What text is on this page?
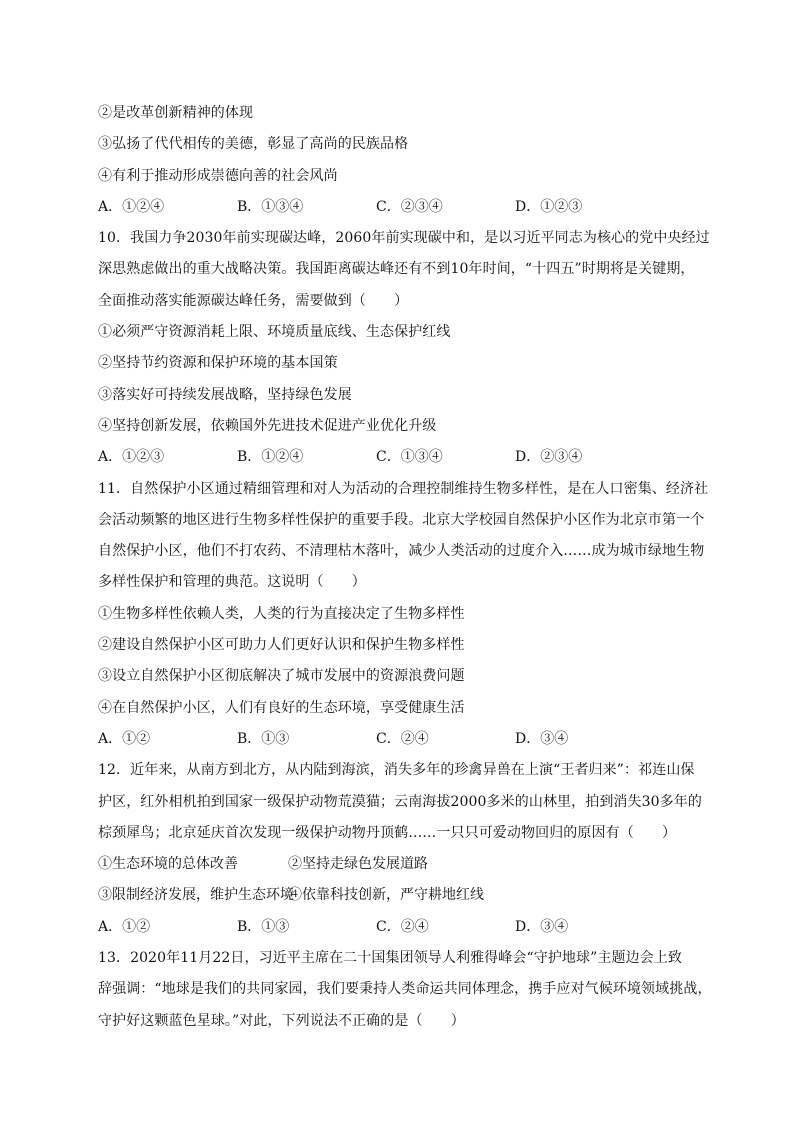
②是改革创新精神的体现
③弘扬了代代相传的美德，彰显了高尚的民族品格
④有利于推动形成崇德向善的社会风尚
A．①②④	B．①③④	C．②③④	D．①②③
10．我国力争2030年前实现碳达峰，2060年前实现碳中和，是以习近平同志为核心的党中央经过
深思熟虑做出的重大战略决策。我国距离碳达峰还有不到10年时间，“十四五”时期将是关键期，
全面推动落实能源碳达峰任务，需要做到（　　）
①必须严守资源消耗上限、环境质量底线、生态保护红线
②坚持节约资源和保护环境的基本国策
③落实好可持续发展战略，坚持绿色发展
④坚持创新发展，依赖国外先进技术促进产业优化升级
A．①②③	B．①②④	C．①③④	D．②③④
11．自然保护小区通过精细管理和对人为活动的合理控制维持生物多样性，是在人口密集、经济社
会活动频繁的地区进行生物多样性保护的重要手段。北京大学校园自然保护小区作为北京市第一个
自然保护小区，他们不打农药、不清理枯木落叶，减少人类活动的过度介入……成为城市绿地生物
多样性保护和管理的典范。这说明（　　）
①生物多样性依赖人类，人类的行为直接决定了生物多样性
②建设自然保护小区可助力人们更好认识和保护生物多样性
③设立自然保护小区彻底解决了城市发展中的资源浪费问题
④在自然保护小区，人们有良好的生态环境，享受健康生活
A．①②	B．①③	C．②④	D．③④
12．近年来，从南方到北方，从内陆到海滨，消失多年的珍禽异兽在上演“王者归来”：祁连山保
护区，红外相机拍到国家一级保护动物荒漠猫；云南海拔2000多米的山林里，拍到消失30多年的
棕颈犀鸟；北京延庆首次发现一级保护动物丹顶鹤……一只只可爱动物回归的原因有（　　）
①生态环境的总体改善	②坚持走绿色发展道路
③限制经济发展，维护生态环境
④依靠科技创新，严守耕地红线
A．①②	B．①③	C．②④	D．③④
13．2020年11月22日，习近平主席在二十国集团领导人利雅得峰会“守护地球”主题边会上致
辞强调：“地球是我们的共同家园，我们要秉持人类命运共同体理念，携手应对气候环境领域挑战，
守护好这颗蓝色星球。”对此，下列说法不正确的是（　　）
